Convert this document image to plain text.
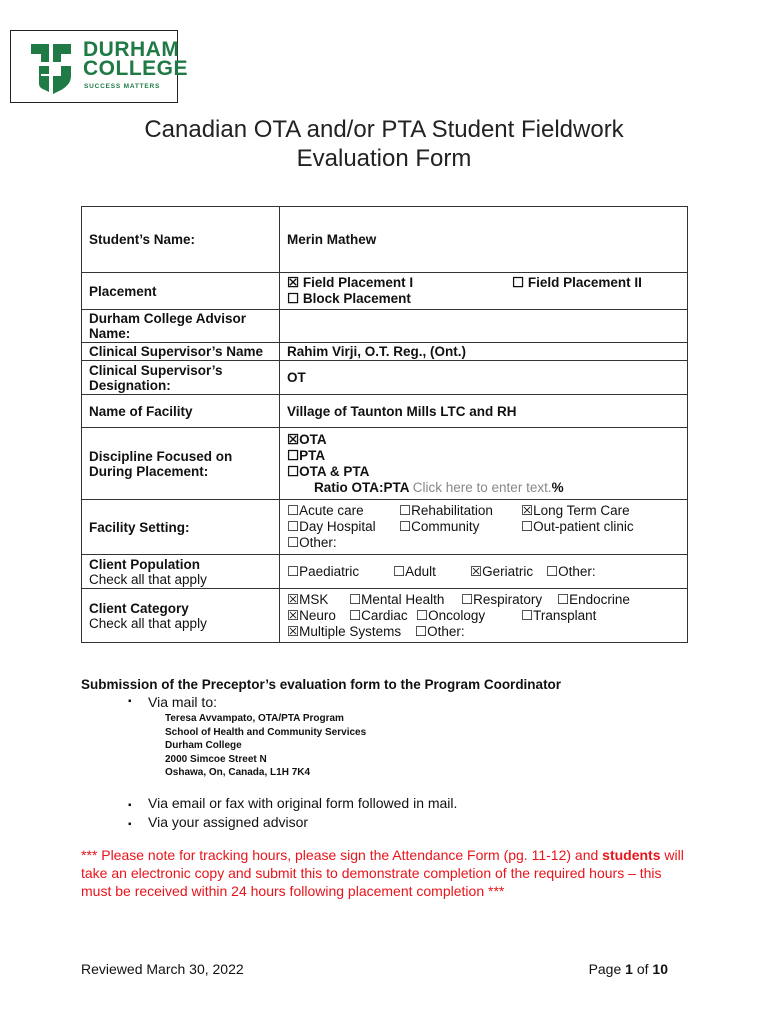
DURHAM
COLLEGE
SUCCESS MATTERS
Canadian OTA and/or PTA Student Fieldwork
Evaluation Form
Student’s Name:	Merin Mathew
Placement	☒ Field Placement I ☐ Field Placement II
☐ Block Placement

Durham College Advisor Name:	
Clinical Supervisor’s Name	Rahim Virji, O.T. Reg., (Ont.)
Clinical Supervisor’s Designation:	OT
Name of Facility	Village of Taunton Mills LTC and RH
Discipline Focused on During Placement:	☒OTA
☐PTA
☐OTA & PTA
Ratio OTA:PTA Click here to enter text.%

Facility Setting:	☐Acute care ☐Rehabilitation ☒Long Term Care
☐Day Hospital ☐Community ☐Out-patient clinic
☐Other:

Client Population
Check all that apply	☐Paediatric ☐Adult ☒Geriatric ☐Other:

Client Category
Check all that apply	☒MSK ☐Mental Health ☐Respiratory ☐Endocrine
☒Neuro ☐Cardiac ☐Oncology ☐Transplant
☒Multiple Systems ☐Other:
Submission of the Preceptor’s evaluation form to the Program Coordinator
▪ Via mail to:
Teresa Avvampato, OTA/PTA Program
School of Health and Community Services
Durham College
2000 Simcoe Street N
Oshawa, On, Canada, L1H 7K4
▪ Via email or fax with original form followed in mail.
▪ Via your assigned advisor
*** Please note for tracking hours, please sign the Attendance Form (pg. 11-12) and students will take an electronic copy and submit this to demonstrate completion of the required hours – this must be received within 24 hours following placement completion ***
Reviewed March 30, 2022	Page 1 of 10
